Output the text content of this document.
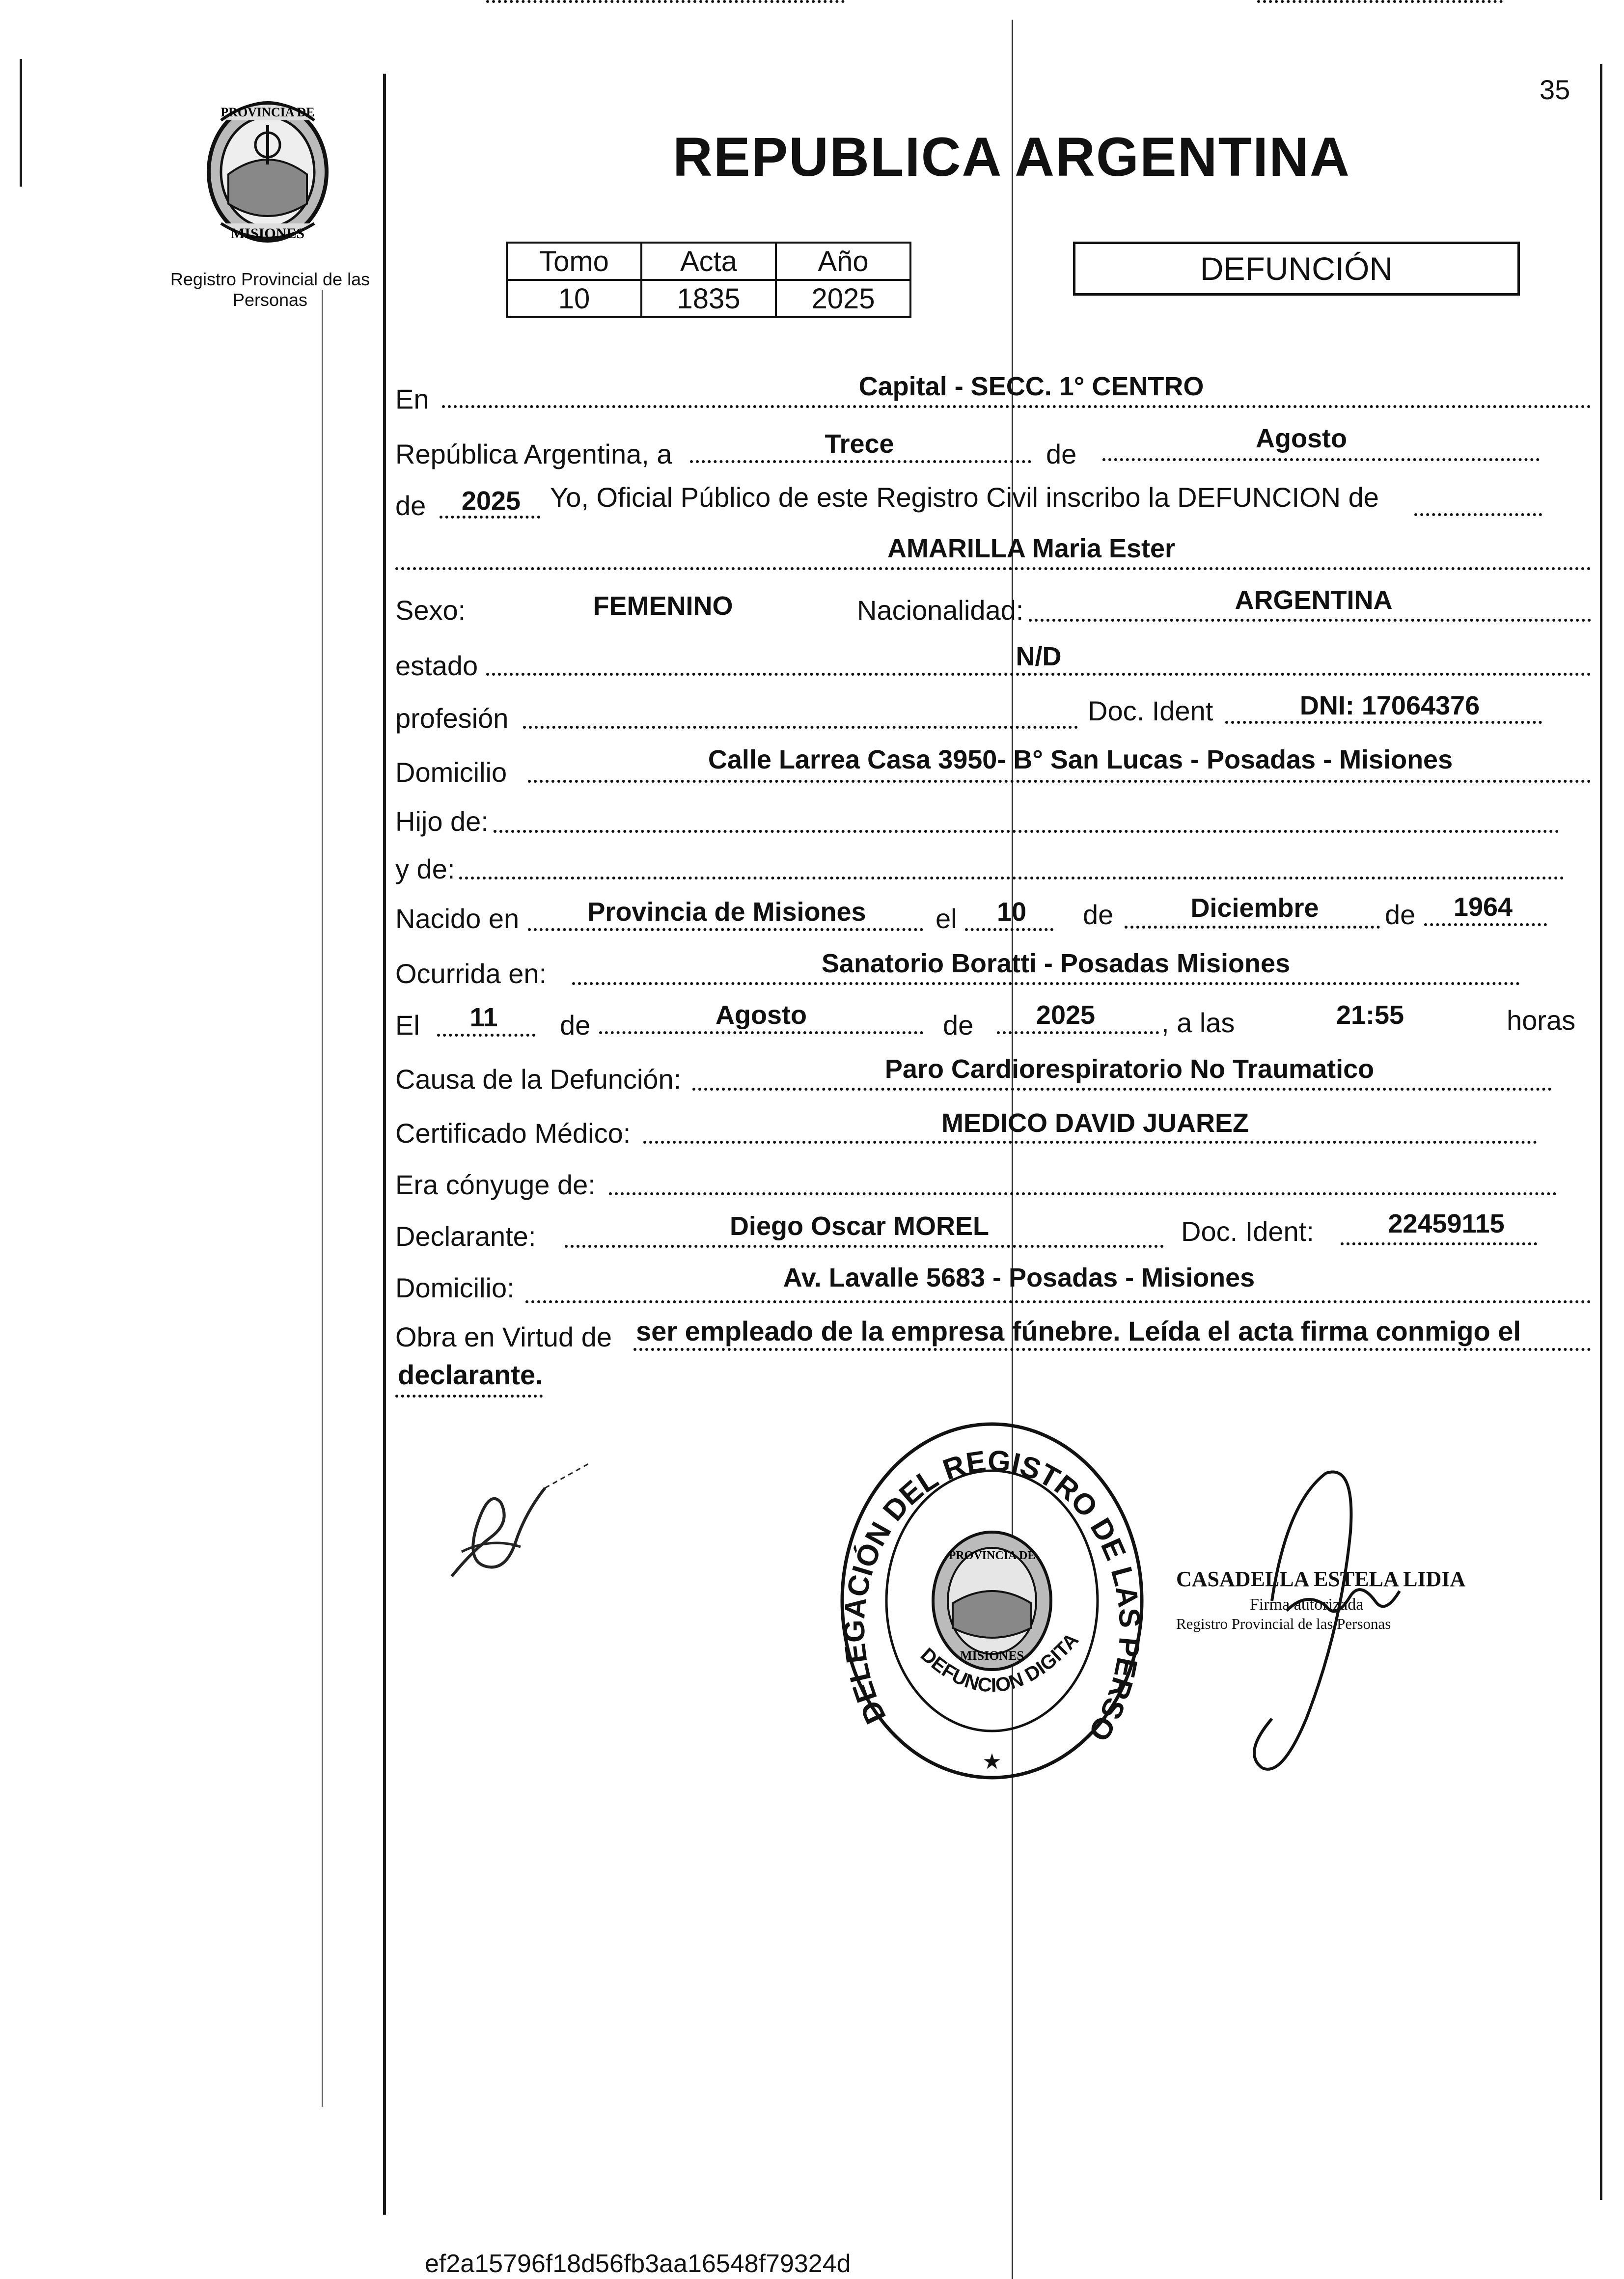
35
PROVINCIA DE
MISIONES
Registro Provincial de las Personas
REPUBLICA ARGENTINA
Tomo	Acta	Año
10	1835	2025
DEFUNCIÓN
En	Capital - SECC. 1° CENTRO
República Argentina, a	Trece	de	Agosto
de	2025	Yo, Oficial Público de este Registro Civil inscribo la DEFUNCION de
AMARILLA Maria Ester
Sexo:	FEMENINO	Nacionalidad:	ARGENTINA
estado	N/D
profesión	Doc. Ident	DNI: 17064376
Domicilio	Calle Larrea Casa 3950- B° San Lucas - Posadas - Misiones
Hijo de:
y de:
Nacido en	Provincia de Misiones	el	10	de	Diciembre	de	1964
Ocurrida en:	Sanatorio Boratti - Posadas Misiones
El	11	de	Agosto	de	2025	, a las	21:55	horas
Causa de la Defunción:	Paro Cardiorespiratorio No Traumatico
Certificado Médico:	MEDICO DAVID JUAREZ
Era cónyuge de:
Declarante:	Diego Oscar MOREL	Doc. Ident:	22459115
Domicilio:	Av. Lavalle 5683 - Posadas - Misiones
Obra en Virtud de ser empleado de la empresa fúnebre. Leída el acta firma conmigo el
declarante.
DELEGACIÓN DEL REGISTRO DE LAS PERSO
DEFUNCION DIGITA
PROVINCIA DE
MISIONES
★
CASADELLA ESTELA LIDIA
Firma autorizada
Registro Provincial de las Personas
ef2a15796f18d56fb3aa16548f79324d
